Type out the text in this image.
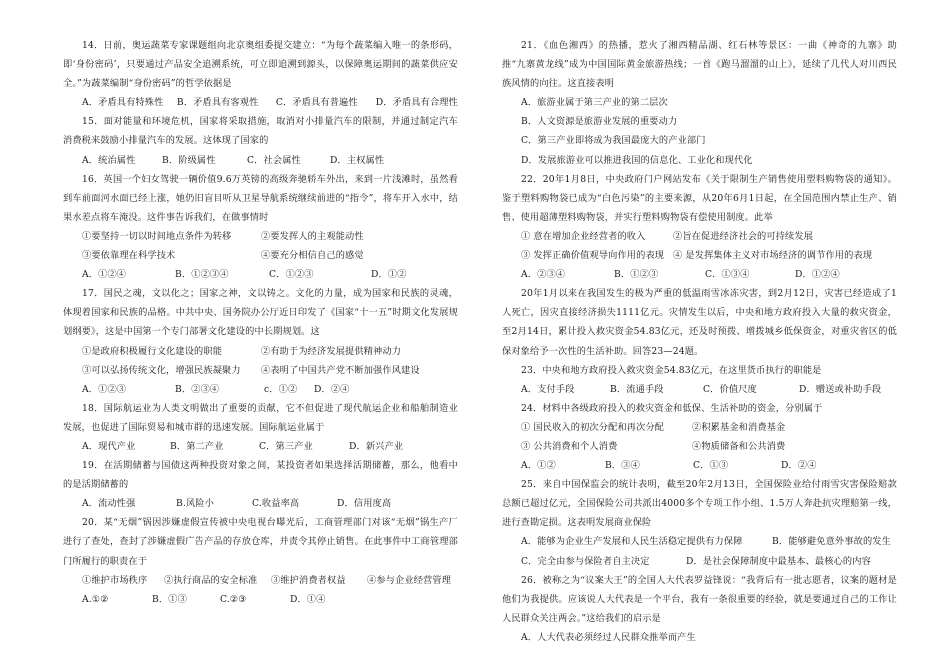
14．日前，奥运蔬菜专家课题组向北京奥组委提交建立：“为每个蔬菜编入唯一的条形码，即‘身份密码’，只要通过产品安全追溯系统，可立即追溯到源头，以保障奥运期间的蔬菜供应安全。”为蔬菜编制“身份密码”的哲学依据是

A．矛盾具有特殊性	B．矛盾具有客观性	C．矛盾具有普遍性	D．矛盾具有合理性

15．面对能量和环境危机，国家将采取措施，取消对小排量汽车的限制，并通过制定汽车消费税来鼓励小排量汽车的发展。这体现了国家的

A．统治属性	B．阶级属性	C．社会属性	D．主权属性

16．英国一个妇女驾驶一辆价值9.6万英镑的高级奔驰轿车外出，来到一片浅滩时，虽然看到车前面河水面已经上涨，她仍旧盲目听从卫星导航系统继续前进的“指令”，将车开入水中，结果水差点将车淹没。这件事告诉我们，在做事情时

①要坚持一切以时间地点条件为转移	②要发挥人的主观能动性
③要依靠理在科学技术	④要充分相信自己的感觉
A．①②④	B．①②③④	C．①②③	D．①②

17．国民之魂，文以化之；国家之神，文以铸之。文化的力量，成为国家和民族的灵魂，体现着国家和民族的品格。中共中央、国务院办公厅近日印发了《国家“十一五”时期文化发展规划纲要》，这是中国第一个专门部署文化建设的中长期规划。这

①是政府积极履行文化建设的职能	②有助于为经济发展提供精神动力
③可以弘扬传统文化，增强民族凝聚力	④表明了中国共产党不断加强作风建设
A．①②③	B．②③④	c．①②	D．②④

18．国际航运业为人类文明做出了重要的贡献，它不但促进了现代航运企业和船舶制造业发展，也促进了国际贸易和城市群的迅速发展。国际航运业属于

A．现代产业	B．第二产业	C．第三产业	D．新兴产业

19．在活期储蓄与国债这两种投资对象之间，某投资者如果选择活期储蓄，那么，他看中的是活期储蓄的

A．流动性强	B.风险小	C.收益率高	D．信用度高

20．某“无烟”锅因涉嫌虚假宣传被中央电视台曝光后，工商管理部门对该“无烟”锅生产厂进行了查处，查封了涉嫌虚假广告产品的存放仓库，并责令其停止销售。在此事件中工商管理部门所履行的职责在于

①维护市场秩序	②执行商品的安全标准	③维护消费者权益	④参与企业经营管理
A.①②	B．①③	C.②③	D．①④

21．《血色湘西》的热播，惹火了湘西精品湖、红石林等景区：一曲《神奇的九寨》助推“九寨黄龙线”成为中国国际黄金旅游热线；一首《跑马溜溜的山上》，延续了几代人对川西民族风情的向往。这直接表明

A．旅游业属于第三产业的第二层次

B．人文资源是旅游业发展的重要动力

C．第三产业即将成为我国最庞大的产业部门

D．发展旅游业可以推进我国的信息化、工业化和现代化

22．20年1月8日，中央政府门户网站发布《关于限制生产销售使用塑料购物袋的通知》。鉴于塑料购物袋已成为“白色污染”的主要来源，从20年6月1日起，在全国范围内禁止生产、销售、使用超薄塑料购物袋，并实行塑料购物袋有偿使用制度。此举

① 意在增加企业经营者的收入	②旨在促进经济社会的可持续发展
③ 发挥正确价值观导向作用的表现 ④ 是发挥集体主义对市场经济的调节作用的表现
A．②③④	B．①②③	C．①③④	D．①②④

20年1月以来在我国发生的极为严重的低温雨雪冰冻灾害，到2月12日，灾害已经造成了1人死亡，因灾直接经济损失1111亿元。灾情发生以后，中央和地方政府投入大量的救灾资金，至2月14日，累计投入救灾资金54.83亿元，还及时预拨、增拨城乡低保资金，对重灾省区的低保对象给予一次性的生活补助。回答23—24题。

23．中央和地方政府投入救灾资金54.83亿元，在这里货币执行的职能是

A．支付手段	B．流通手段	C．价值尺度	D．赠送或补助手段

24．材料中各级政府投入的救灾资金和低保、生活补助的资金，分别属于

① 国民收入的初次分配和再次分配	②积累基金和消费基金
③ 公共消费和个人消费	④物质储备和公共消费
A．①②	B．③④	C．①③	D．②④

25．来自中国保监会的统计表明，截至20年2月13日，全国保险业给付雨雪灾害保险赔款总额已超过亿元，全国保险公司共派出4000多个专项工作小组、1.5万人奔赴抗灾理赔第一线，进行查勘定损。这表明发展商业保险

A．能够为企业生产发展和人民生活稳定提供有力保障	B．能够避免意外事故的发生
C．完全由参与保险者自主决定	D．是社会保障制度中最基本、最核心的内容

26．被称之为“议案大王”的全国人大代表罗益锋说：“我背后有一批志愿者，议案的题材是他们为我提供。应该说人大代表是一个平台，我有一条很重要的经验，就是要通过自己的工作让人民群众关注两会。”这给我们的启示是

A．人大代表必须经过人民群众推举而产生
